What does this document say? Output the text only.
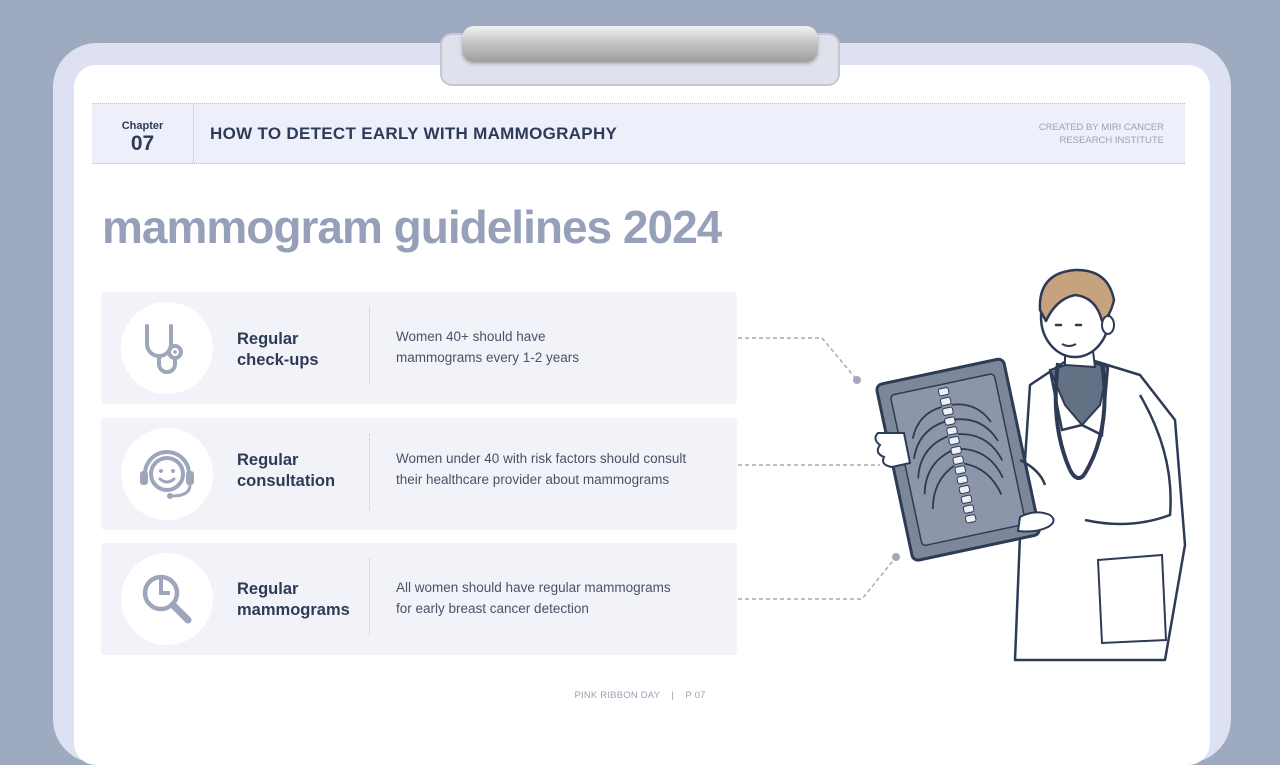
Chapter
07	HOW TO DETECT EARLY WITH MAMMOGRAPHY	CREATED BY MIRI CANCER
RESEARCH INSTITUTE
mammogram guidelines 2024
Regular
check-ups
Women 40+ should have
mammograms every 1-2 years
Regular
consultation
Women under 40 with risk factors should consult
their healthcare provider about mammograms
Regular
mammograms
All women should have regular mammograms
for early breast cancer detection
PINK RIBBON DAY | P 07
